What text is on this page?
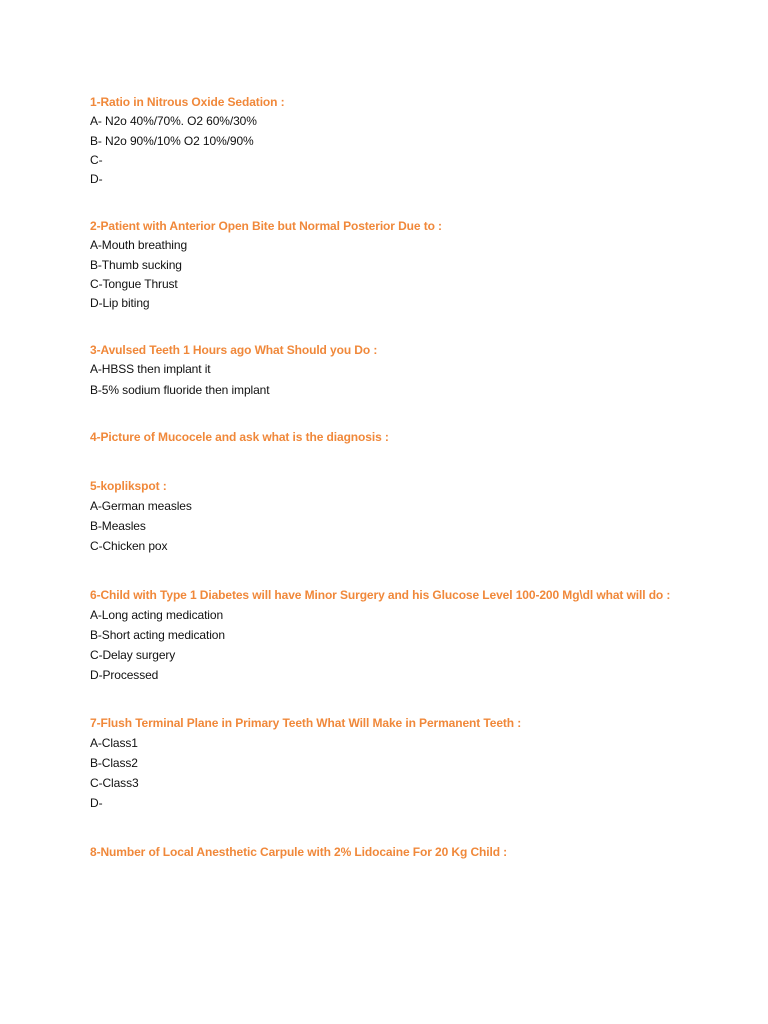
1-Ratio in Nitrous Oxide Sedation :
A- N2o 40%/70%. O2 60%/30%
B- N2o 90%/10% O2 10%/90%
C-
D-
2-Patient with Anterior Open Bite but Normal Posterior Due to :
A-Mouth breathing
B-Thumb sucking
C-Tongue Thrust
D-Lip biting
3-Avulsed Teeth 1 Hours ago What Should you Do :
A-HBSS then implant it
B-5% sodium fluoride then implant
4-Picture of Mucocele and ask what is the diagnosis :
5-koplikspot :
A-German measles
B-Measles
C-Chicken pox
6-Child with Type 1 Diabetes will have Minor Surgery and his Glucose Level 100-200 Mg\dl what will do :
A-Long acting medication
B-Short acting medication
C-Delay surgery
D-Processed
7-Flush Terminal Plane in Primary Teeth What Will Make in Permanent Teeth :
A-Class1
B-Class2
C-Class3
D-
8-Number of Local Anesthetic Carpule with 2% Lidocaine For 20 Kg Child :
